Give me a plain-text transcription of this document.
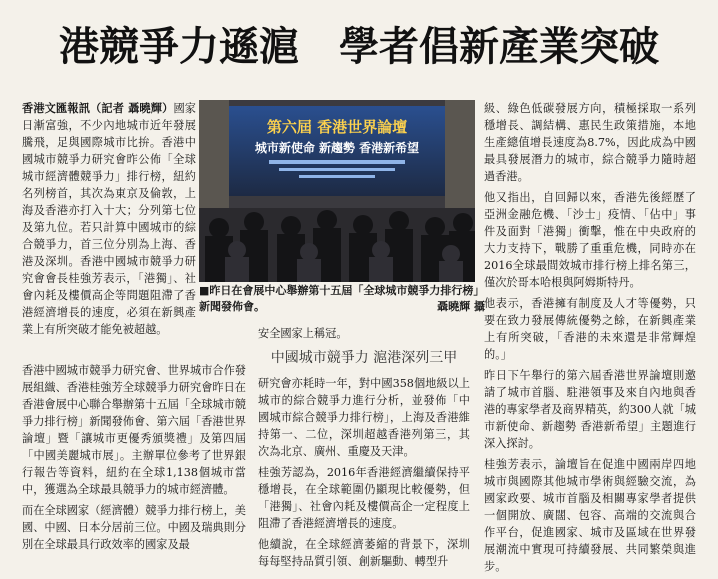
港競爭力遜滬 學者倡新產業突破

香港文匯報訊（記者 聶曉輝）國家日漸富強，不少內地城市近年發展騰飛，足與國際城市比拚。香港中國城市競爭力研究會昨公佈「全球城市經濟體競爭力」排行榜，紐約名列榜首，其次為東京及倫敦，上海及香港亦打入十大；分列第七位及第九位。若只計算中國城市的綜合競爭力，首三位分別為上海、香港及深圳。香港中國城市競爭力研究會會長桂強芳表示，「港獨」、社會內耗及樓價高企等問題阻滯了香港經濟增長的速度，必須在新興產業上有所突破才能免被超越。

香港中國城市競爭力研究會、世界城市合作發展組織、香港桂強芳全球競爭力研究會昨日在香港會展中心聯合舉辦第十五屆「全球城市競爭力排行榜」新聞發佈會、第六屆「香港世界論壇」暨「讓城市更優秀頒獎禮」及第四屆「中國美麗城市展」。主辦單位參考了世界銀行報告等資料，紐約在全球1,138個城市當中，獲選為全球最具競爭力的城市經濟體。

而在全球國家（經濟體）競爭力排行榜上，美國、中國、日本分居前三位。中國及瑞典則分別在全球最具行政效率的國家及最

第六屆 香港世界論壇
城市新使命 新趨勢 香港新希望
■昨日在會展中心舉辦第十五屆「全球城市競爭力排行榜」新聞發佈會。	聶曉輝 攝

安全國家上稱冠。

中國城市競爭力 滬港深列三甲

研究會亦耗時一年，對中國358個地級以上城市的綜合競爭力進行分析，並發佈「中國城市綜合競爭力排行榜」，上海及香港維持第一、二位，深圳超越香港列第三，其次為北京、廣州、重慶及天津。

桂強芳認為，2016年香港經濟繼續保持平穩增長，在全球範圍仍顯現比較優勢，但「港獨」、社會內耗及樓價高企一定程度上阻滯了香港經濟增長的速度。

他續說，在全球經濟萎縮的背景下，深圳每每堅持品質引領、創新驅動、轉型升

級、綠色低碳發展方向，積極採取一系列穩增長、調結構、惠民生政策措施，本地生產總值增長速度為8.7%，因此成為中國最具發展潛力的城市，綜合競爭力隨時超過香港。

他又指出，自回歸以來，香港先後經歷了亞洲金融危機、「沙士」疫情、「佔中」事件及面對「港獨」衝擊，惟在中央政府的大力支持下，戰勝了重重危機，同時亦在2016全球最間效城市排行榜上排名第三，僅次於哥本哈根與阿姆斯特丹。

他表示，香港擁有制度及人才等優勢，只要在致力發展傳統優勢之餘，在新興產業上有所突破，「香港的未來還是非常輝煌的。」

昨日下午舉行的第六屆香港世界論壇則邀請了城市首腦、駐港領事及來自內地與香港的專家學者及商界精英，約300人就「城市新使命、新趨勢 香港新希望」主題進行深入探討。

桂強芳表示，論壇旨在促進中國兩岸四地城市與國際其他城市學術與經驗交流，為國家政要、城市首腦及相關專家學者提供一個開放、廣闊、包容、高端的交流與合作平台，促進國家、城市及區域在世界發展潮流中實現可持續發展、共同繁榮與進步。
